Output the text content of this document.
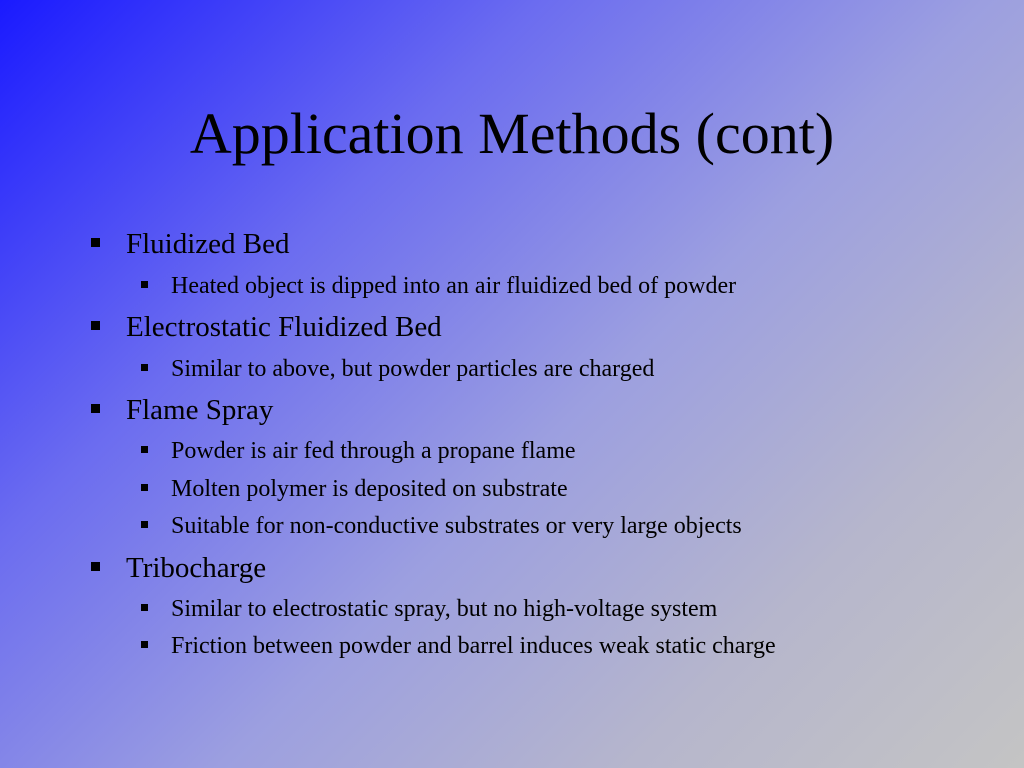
Application Methods (cont)
Fluidized Bed
Heated object is dipped into an air fluidized bed of powder
Electrostatic Fluidized Bed
Similar to above, but powder particles are charged
Flame Spray
Powder is air fed through a propane flame
Molten polymer is deposited on substrate
Suitable for non-conductive substrates or very large objects
Tribocharge
Similar to electrostatic spray, but no high-voltage system
Friction between powder and barrel induces weak static charge
